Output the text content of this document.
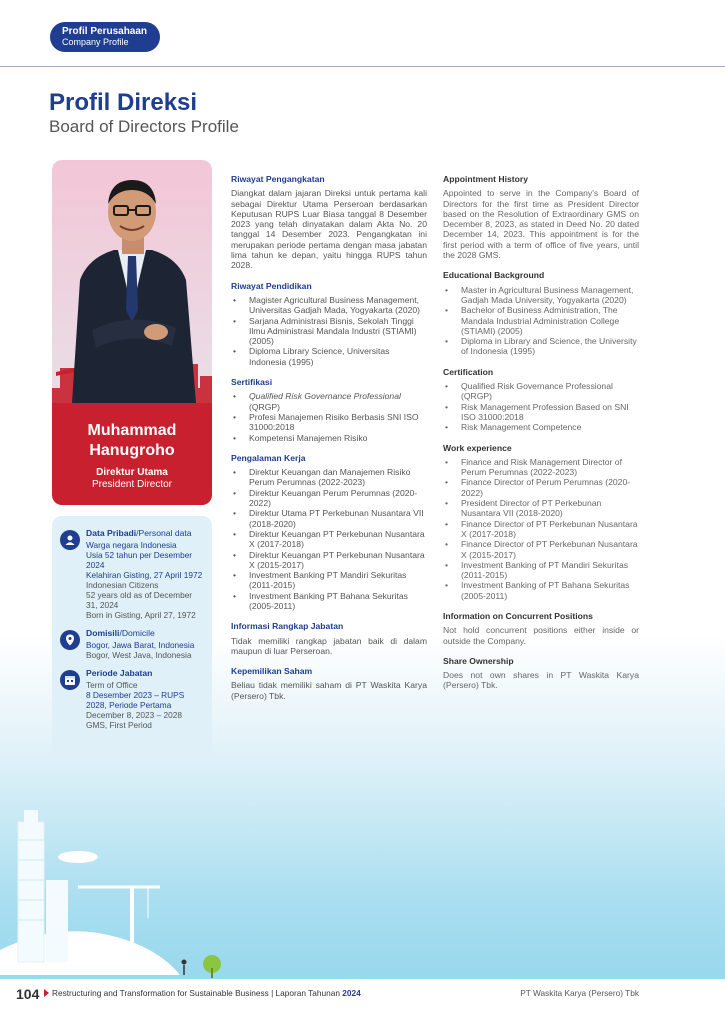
Profil Perusahaan
Company Profile
Profil Direksi
Board of Directors Profile
Muhammad
Hanugroho
Direktur Utama
President Director
Data Pribadi/Personal data
Warga negara Indonesia
Usia 52 tahun per Desember 2024
Kelahiran Gisting, 27 April 1972
Indonesian Citizens
52 years old as of December 31, 2024
Born in Gisting, April 27, 1972
Domisili/Domicile
Bogor, Jawa Barat, Indonesia
Bogor, West Java, Indonesia
Periode Jabatan
Term of Office
8 Desember 2023 – RUPS 2028, Periode Pertama
December 8, 2023 – 2028 GMS, First Period
Riwayat Pengangkatan

Diangkat dalam jajaran Direksi untuk pertama kali sebagai Direktur Utama Perseroan berdasarkan Keputusan RUPS Luar Biasa tanggal 8 Desember 2023 yang telah dinyatakan dalam Akta No. 20 tanggal 14 Desember 2023. Pengangkatan ini merupakan periode pertama dengan masa jabatan lima tahun ke depan, yaitu hingga RUPS tahun 2028.

Riwayat Pendidikan
• Magister Agricultural Business Management, Universitas Gadjah Mada, Yogyakarta (2020)
• Sarjana Administrasi Bisnis, Sekolah Tinggi Ilmu Administrasi Mandala Industri (STIAMI) (2005)
• Diploma Library Science, Universitas Indonesia (1995)
Sertifikasi
• Qualified Risk Governance Professional (QRGP)
• Profesi Manajemen Risiko Berbasis SNI ISO 31000:2018
• Kompetensi Manajemen Risiko
Pengalaman Kerja
• Direktur Keuangan dan Manajemen Risiko Perum Perumnas (2022-2023)
• Direktur Keuangan Perum Perumnas (2020-2022)
• Direktur Utama PT Perkebunan Nusantara VII (2018-2020)
• Direktur Keuangan PT Perkebunan Nusantara X (2017-2018)
• Direktur Keuangan PT Perkebunan Nusantara X (2015-2017)
• Investment Banking PT Mandiri Sekuritas (2011-2015)
• Investment Banking PT Bahana Sekuritas (2005-2011)
Informasi Rangkap Jabatan

Tidak memiliki rangkap jabatan baik di dalam maupun di luar Perseroan.

Kepemilikan Saham

Beliau tidak memiliki saham di PT Waskita Karya (Persero) Tbk.

Appointment History

Appointed to serve in the Company's Board of Directors for the first time as President Director based on the Resolution of Extraordinary GMS on December 8, 2023, as stated in Deed No. 20 dated December 14, 2023. This appointment is for the first period with a term of office of five years, until the 2028 GMS.

Educational Background
• Master in Agricultural Business Management, Gadjah Mada University, Yogyakarta (2020)
• Bachelor of Business Administration, The Mandala Industrial Administration College (STIAMI) (2005)
• Diploma in Library and Science, the University of Indonesia (1995)
Certification
• Qualified Risk Governance Professional (QRGP)
• Risk Management Profession Based on SNI ISO 31000:2018
• Risk Management Competence
Work experience
• Finance and Risk Management Director of Perum Perumnas (2022-2023)
• Finance Director of Perum Perumnas (2020-2022)
• President Director of PT Perkebunan Nusantara VII (2018-2020)
• Finance Director of PT Perkebunan Nusantara X (2017-2018)
• Finance Director of PT Perkebunan Nusantara X (2015-2017)
• Investment Banking of PT Mandiri Sekuritas (2011-2015)
• Investment Banking of PT Bahana Sekuritas (2005-2011)
Information on Concurrent Positions

Not hold concurrent positions either inside or outside the Company.

Share Ownership

Does not own shares in PT Waskita Karya (Persero) Tbk.

104 Restructuring and Transformation for Sustainable Business | Laporan Tahunan 2024	PT Waskita Karya (Persero) Tbk
